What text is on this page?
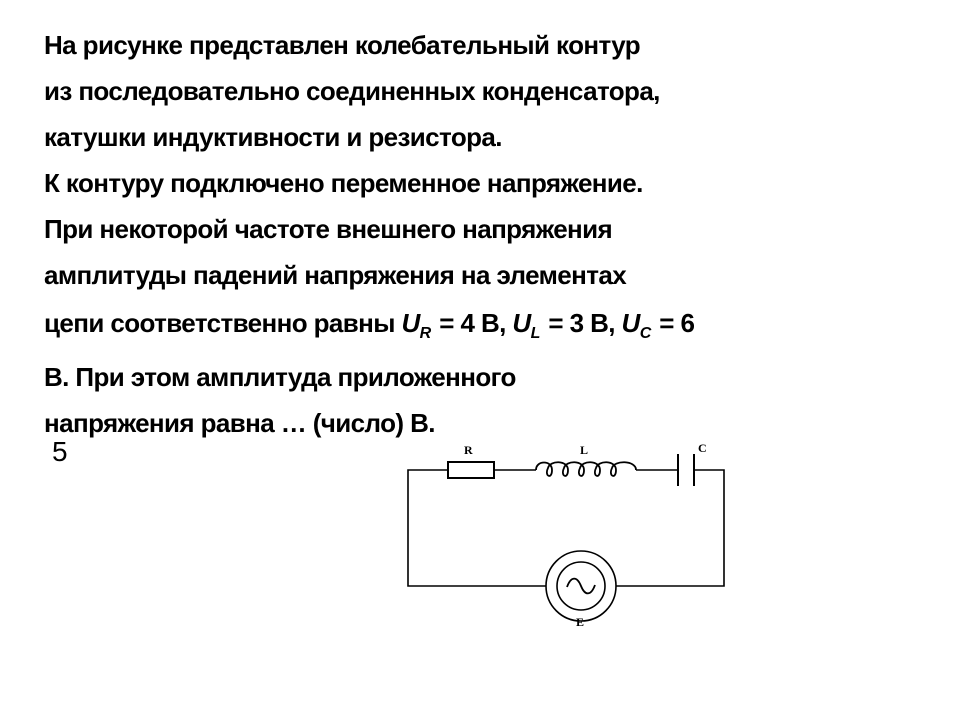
На рисунке представлен колебательный контур
из последовательно соединенных конденсатора,
катушки индуктивности и резистора.
К контуру подключено переменное напряжение.
При некоторой частоте внешнего напряжения
амплитуды падений напряжения на элементах
цепи соответственно равны $U_R = 4$ В, $U_L = 3$ В, $U_C = 6$
В. При этом амплитуда приложенного
напряжения равна … (число) В.
5	R	L	C
E
